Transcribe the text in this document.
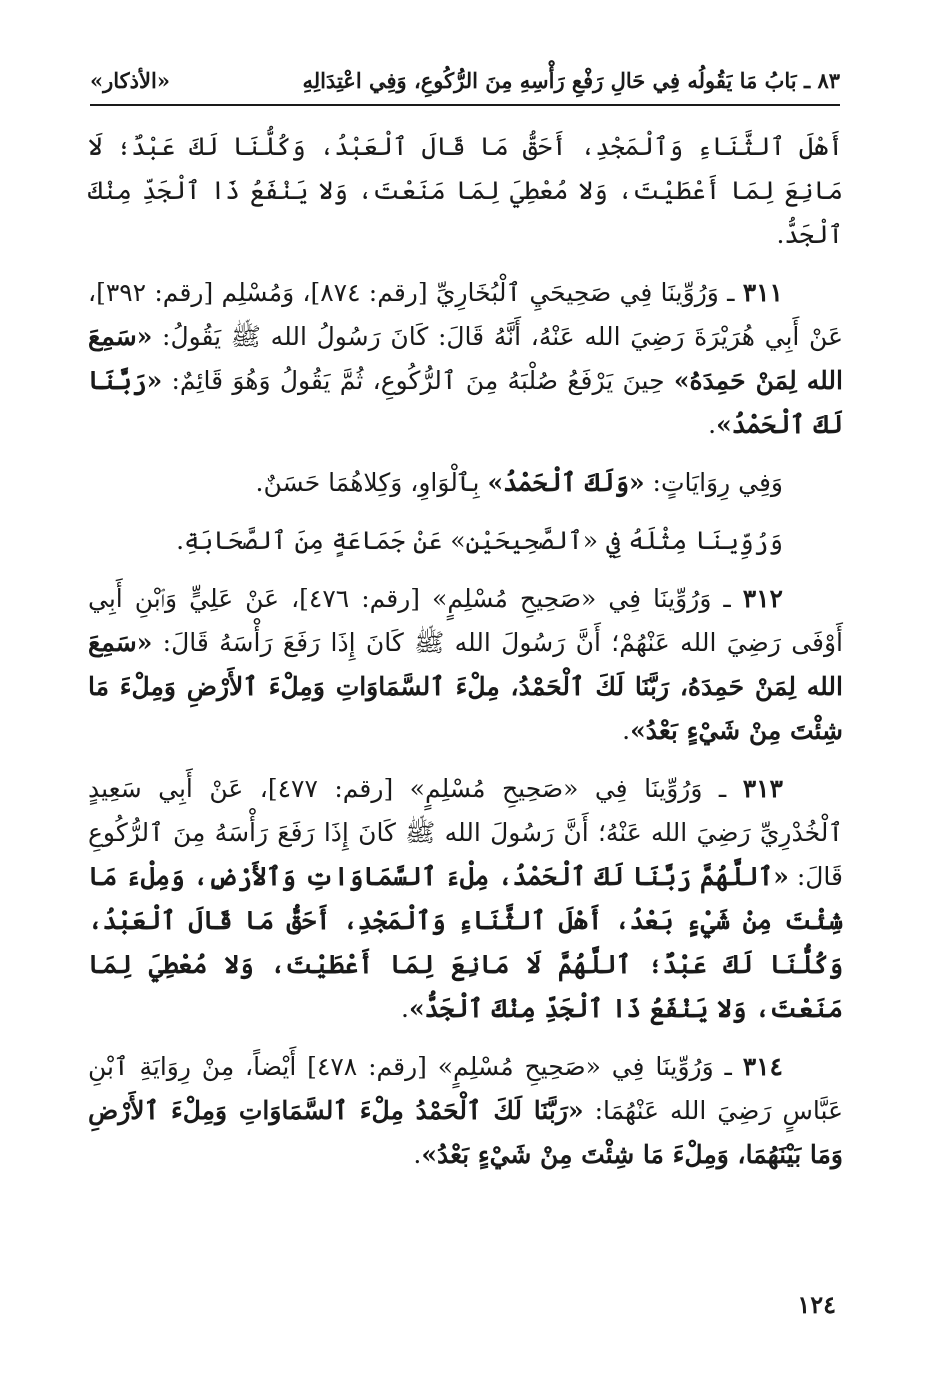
٨٣ ـ بَابُ مَا يَقُولُه فِي حَالِ رَفْعِ رَأْسِهِ مِنَ الرُّكُوعِ، وَفِي اعْتِدَالِهِ
«الأذكار»

أَهْلَ ٱلثَّنَاءِ وَٱلْمَجْدِ، أَحَقُّ مَا قَالَ ٱلْعَبْدُ، وَكُلُّنَا لَكَ عَبْدٌ؛ لَا مَانِعَ لِمَا أَعْطَيْتَ، وَلا مُعْطِيَ لِمَا مَنَعْتَ، وَلا يَنْفَعُ ذَا ٱلْجَدِّ مِنْكَ ٱلْجَدُّ.

٣١١ ـ وَرُوِّينَا فِي صَحِيحَيِ ٱلْبُخَارِيِّ [رقم: ٨٧٤]، وَمُسْلِم [رقم: ٣٩٢]، عَنْ أَبِي هُرَيْرَةَ رَضِيَ الله عَنْهُ، أَنَّهُ قَالَ: كَانَ رَسُولُ الله ﷺ يَقُولُ: «سَمِعَ الله لِمَنْ حَمِدَهُ» حِينَ يَرْفَعُ صُلْبَهُ مِنَ ٱلرُّكُوعِ، ثُمَّ يَقُولُ وَهُوَ قَائِمٌ: «رَبَّنَا لَكَ ٱلْحَمْدُ».

وَفِي رِوَايَاتٍ: «وَلَكَ ٱلْحَمْدُ» بِٱلْوَاوِ، وَكِلاهُمَا حَسَنٌ.

وَرُوِّينَا مِثْلَهُ فِي «ٱلصَّحِيحَيْنِ» عَنْ جَمَاعَةٍ مِنَ ٱلصَّحَابَةِ.

٣١٢ ـ وَرُوِّينَا فِي «صَحِيحِ مُسْلِمٍ» [رقم: ٤٧٦]، عَنْ عَلِيٍّ وَٱبْنِ أَبِي أَوْفَى رَضِيَ الله عَنْهُمْ؛ أَنَّ رَسُولَ الله ﷺ كَانَ إِذَا رَفَعَ رَأْسَهُ قَالَ: «سَمِعَ الله لِمَنْ حَمِدَهُ، رَبَّنَا لَكَ ٱلْحَمْدُ، مِلْءَ ٱلسَّمَاوَاتِ وَمِلْءَ ٱلأَرْضِ وَمِلْءَ مَا شِئْتَ مِنْ شَيْءٍ بَعْدُ».

٣١٣ ـ وَرُوِّينَا فِي «صَحِيحِ مُسْلِمٍ» [رقم: ٤٧٧]، عَنْ أَبِي سَعِيدٍ ٱلْخُدْرِيِّ رَضِيَ الله عَنْهُ؛ أَنَّ رَسُولَ الله ﷺ كَانَ إِذَا رَفَعَ رَأْسَهُ مِنَ ٱلرُّكُوعِ قَالَ: «ٱللَّهُمَّ رَبَّنَا لَكَ ٱلْحَمْدُ، مِلْءَ ٱلسَّمَاوَاتِ وَٱلأَرْضِ، وَمِلْءَ مَا شِئْتَ مِنْ شَيْءٍ بَعْدُ، أَهْلَ ٱلثَّنَاءِ وَٱلْمَجْدِ، أَحَقُّ مَا قَالَ ٱلْعَبْدُ، وَكُلُّنَا لَكَ عَبْدٌ؛ ٱللَّهُمَّ لَا مَانِعَ لِمَا أَعْطَيْتَ، وَلا مُعْطِيَ لِمَا مَنَعْتَ، وَلا يَنْفَعُ ذَا ٱلْجَدِّ مِنْكَ ٱلْجَدُّ».

٣١٤ ـ وَرُوِّينَا فِي «صَحِيحِ مُسْلِمٍ» [رقم: ٤٧٨] أَيْضاً، مِنْ رِوَايَةِ ٱبْنِ عَبَّاسٍ رَضِيَ الله عَنْهُمَا: «رَبَّنَا لَكَ ٱلْحَمْدُ مِلْءَ ٱلسَّمَاوَاتِ وَمِلْءَ ٱلأَرْضِ وَمَا بَيْنَهُمَا، وَمِلْءَ مَا شِئْتَ مِنْ شَيْءٍ بَعْدُ».

١٢٤
